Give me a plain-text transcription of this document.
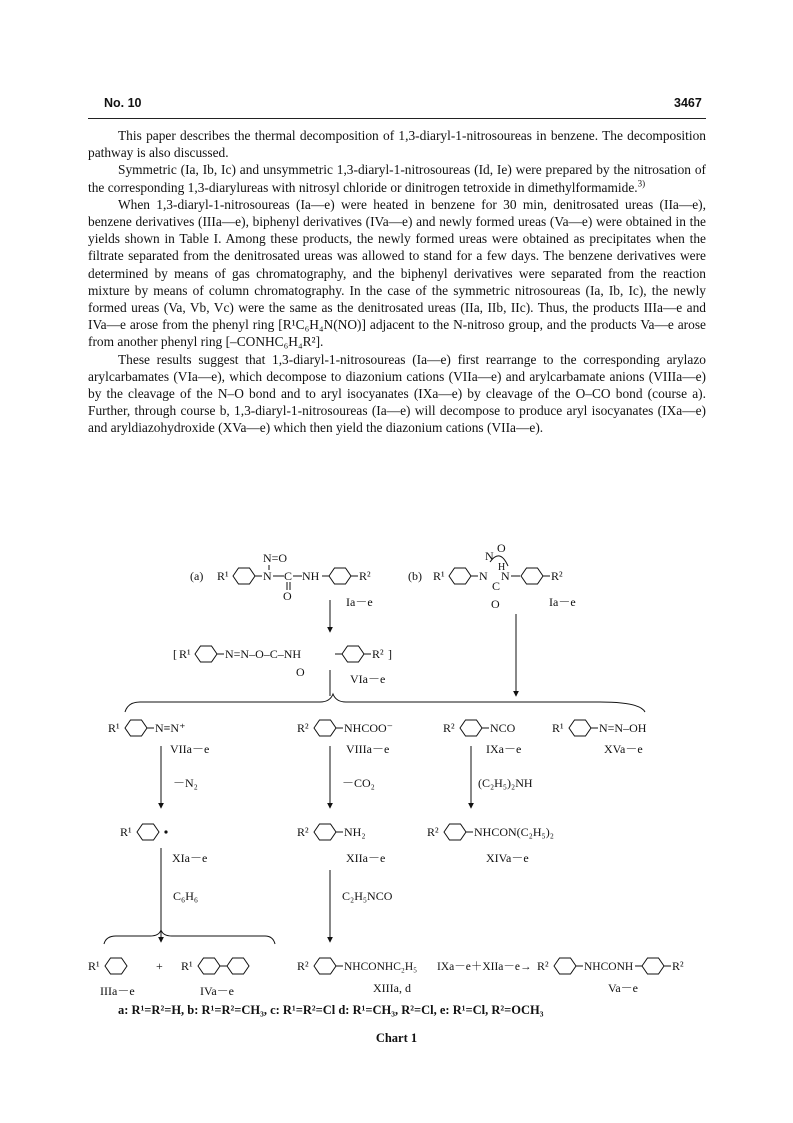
No. 10	3467

This paper describes the thermal decomposition of 1,3-diaryl-1-nitrosoureas in benzene. The decomposition pathway is also discussed.

Symmetric (Ia, Ib, Ic) and unsymmetric 1,3-diaryl-1-nitrosoureas (Id, Ie) were prepared by the nitrosation of the corresponding 1,3-diarylureas with nitrosyl chloride or dinitrogen tetroxide in dimethylformamide.$^{3)}$

When 1,3-diaryl-1-nitrosoureas (Ia—e) were heated in benzene for 30 min, denitrosated ureas (IIa—e), benzene derivatives (IIIa—e), biphenyl derivatives (IVa—e) and newly formed ureas (Va—e) were obtained in the yields shown in Table I. Among these products, the newly formed ureas were obtained as precipitates when the filtrate separated from the denitrosated ureas was allowed to stand for a few days. The benzene derivatives were determined by means of gas chromatography, and the biphenyl derivatives were separated from the reaction mixture by means of column chromatography. In the case of the symmetric nitrosoureas (Ia, Ib, Ic), the newly formed ureas (Va, Vb, Vc) were the same as the denitrosated ureas (IIa, IIb, IIc). Thus, the products IIIa—e and IVa—e arose from the phenyl ring [R¹C₆H₄N(NO)] adjacent to the N-nitroso group, and the products Va—e arose from another phenyl ring [–CONHC₆H₄R²].

These results suggest that 1,3-diaryl-1-nitrosoureas (Ia—e) first rearrange to the corresponding arylazo arylcarbamates (VIa—e), which decompose to diazonium cations (VIIa—e) and arylcarbamate anions (VIIIa—e) by the cleavage of the N–O bond and to aryl isocyanates (IXa—e) by cleavage of the O–CO bond (course a). Further, through course b, 1,3-diaryl-1-nitrosoureas (Ia—e) will decompose to produce aryl isocyanates (IXa—e) and aryldiazohydroxide (XVa—e) which then yield the diazonium cations (VIIa—e).

(a) R¹	N
N=O
C
O
NH	R²	(b) R¹	N
N
O
H
N
C
O
R²
Ia－e	Ia－e
[ R¹	N=N–O–C–NH
O
R² ]
VIa－e
R¹	N≡N⁺
VIIa－e
R²	NHCOO⁻
VIIIa－e
R²	NCO
IXa－e
R¹	N=N–OH
XVa－e
－N₂	－CO₂	(C₂H₅)₂NH
R¹
XIa－e
R²	NH₂
XIIa－e
R²	NHCON(C₂H₅)₂
XIVa－e
C₆H₆	C₂H₅NCO
R¹	+ R¹
IIIa－e	IVa－e
R²	NHCONHC₂H₅
XIIIa, d
IXa－e＋XIIa－e→ R²	NHCONH	R²
Va－e
a: R¹=R²=H, b: R¹=R²=CH₃, c: R¹=R²=Cl d: R¹=CH₃, R²=Cl, e: R¹=Cl, R²=OCH₃
Chart 1
